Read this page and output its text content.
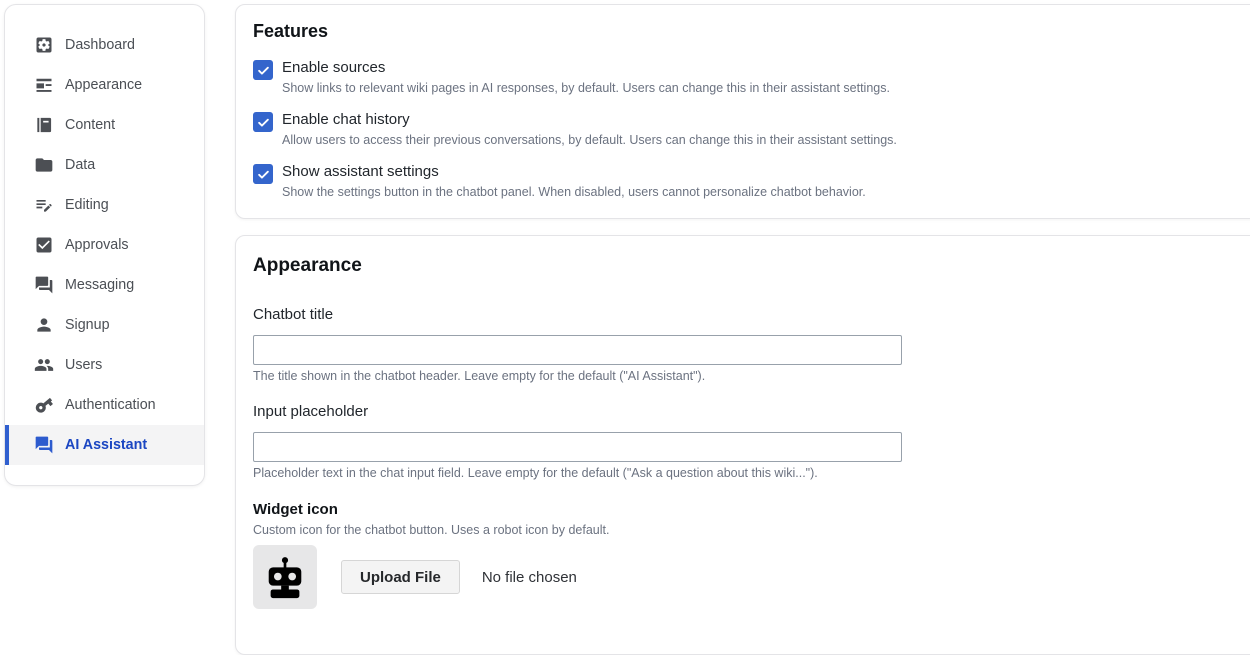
Dashboard
Appearance
Content
Data
Editing
Approvals
Messaging
Signup
Users
Authentication
AI Assistant
Features
Enable sources
Show links to relevant wiki pages in AI responses, by default. Users can change this in their assistant settings.
Enable chat history
Allow users to access their previous conversations, by default. Users can change this in their assistant settings.
Show assistant settings
Show the settings button in the chatbot panel. When disabled, users cannot personalize chatbot behavior.
Appearance
Chatbot title
The title shown in the chatbot header. Leave empty for the default ("AI Assistant").
Input placeholder
Placeholder text in the chat input field. Leave empty for the default ("Ask a question about this wiki...").
Widget icon
Custom icon for the chatbot button. Uses a robot icon by default.
Upload File	No file chosen
